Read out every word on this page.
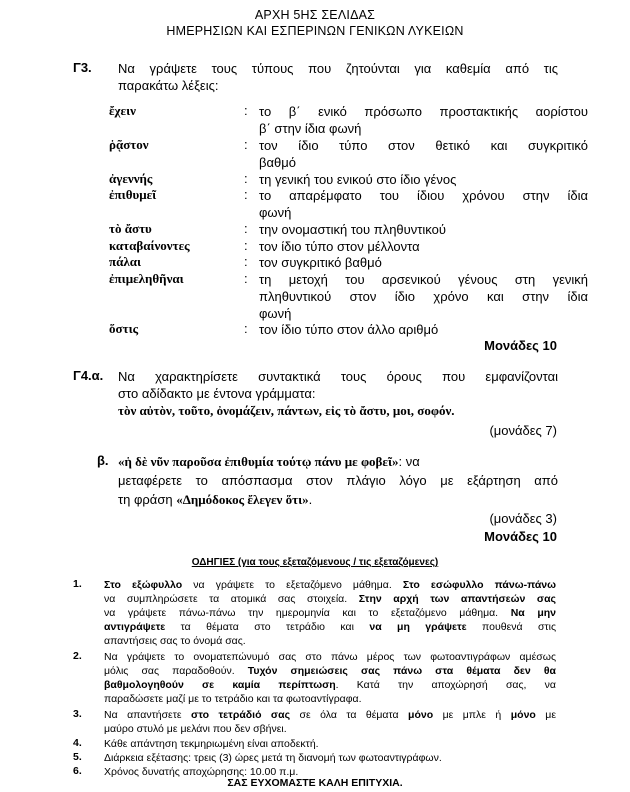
ΑΡΧΗ 5ΗΣ ΣΕΛΙΔΑΣ
ΗΜΕΡΗΣΙΩΝ ΚΑΙ ΕΣΠΕΡΙΝΩΝ ΓΕΝΙΚΩΝ ΛΥΚΕΙΩΝ
Γ3. Να γράψετε τους τύπους που ζητούνται για καθεμία από τις
παρακάτω λέξεις:
ἔχειν	: το β΄ ενικό πρόσωπο προστακτικής αορίστου
β΄ στην ίδια φωνή
ῥᾷστον	: τον ίδιο τύπο στον θετικό και συγκριτικό
βαθμό
ἀγεννής	: τη γενική του ενικού στο ίδιο γένος
ἐπιθυμεῖ	: το απαρέμφατο του ίδιου χρόνου στην ίδια
φωνή
τὸ ἄστυ	: την ονομαστική του πληθυντικού
καταβαίνοντες	: τον ίδιο τύπο στον μέλλοντα
πάλαι	: τον συγκριτικό βαθμό
ἐπιμεληθῆναι	: τη μετοχή του αρσενικού γένους στη γενική
πληθυντικού στον ίδιο χρόνο και στην ίδια
φωνή
ὅστις	: τον ίδιο τύπο στον άλλο αριθμό
Μονάδες 10
Γ4.α. Να χαρακτηρίσετε συντακτικά τους όρους που εμφανίζονται
στο αδίδακτο με έντονα γράμματα:
τὸν αὐτὸν, τοῦτο, ὀνομάζειν, πάντων, εἰς τὸ ἄστυ, μοι, σοφόν.
(μονάδες 7)
β. «ἡ δὲ νῦν παροῦσα ἐπιθυμία τούτῳ πάνυ με φοβεῖ»: να
μεταφέρετε το απόσπασμα στον πλάγιο λόγο με εξάρτηση από
τη φράση «Δημόδοκος ἔλεγεν ὅτι».
(μονάδες 3)
Μονάδες 10
ΟΔΗΓΙΕΣ (για τους εξεταζόμενους / τις εξεταζόμενες)
1. Στο εξώφυλλο να γράψετε το εξεταζόμενο μάθημα. Στο εσώφυλλο πάνω-πάνω
να συμπληρώσετε τα ατομικά σας στοιχεία. Στην αρχή των απαντήσεών σας
να γράψετε πάνω-πάνω την ημερομηνία και το εξεταζόμενο μάθημα. Να μην
αντιγράψετε τα θέματα στο τετράδιο και να μη γράψετε πουθενά στις
απαντήσεις σας το όνομά σας.
2. Να γράψετε το ονοματεπώνυμό σας στο πάνω μέρος των φωτοαντιγράφων αμέσως
μόλις σας παραδοθούν. Τυχόν σημειώσεις σας πάνω στα θέματα δεν θα
βαθμολογηθούν σε καμία περίπτωση. Κατά την αποχώρησή σας, να
παραδώσετε μαζί με το τετράδιο και τα φωτοαντίγραφα.
3. Να απαντήσετε στο τετράδιό σας σε όλα τα θέματα μόνο με μπλε ή μόνο με
μαύρο στυλό με μελάνι που δεν σβήνει.
4. Κάθε απάντηση τεκμηριωμένη είναι αποδεκτή.
5. Διάρκεια εξέτασης: τρεις (3) ώρες μετά τη διανομή των φωτοαντιγράφων.
6. Χρόνος δυνατής αποχώρησης: 10.00 π.μ.
ΣΑΣ ΕΥΧΟΜΑΣΤΕ ΚΑΛΗ ΕΠΙΤΥΧΙΑ.
